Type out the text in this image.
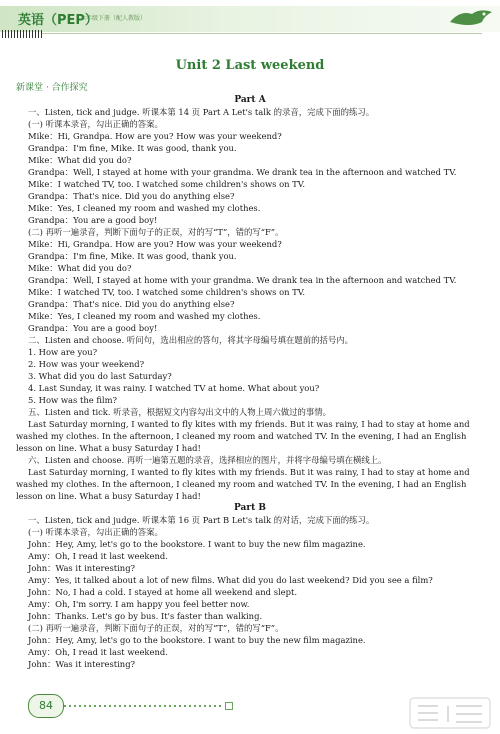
英语（PEP）
六年级下册（配人教版）
Unit 2 Last weekend
新课堂 · 合作探究
Part A
一、Listen, tick and judge. 听课本第 14 页 Part A Let's talk 的录音，完成下面的练习。
(一) 听课本录音，勾出正确的答案。
Mike：Hi, Grandpa. How are you? How was your weekend?
Grandpa：I'm fine, Mike. It was good, thank you.
Mike：What did you do?
Grandpa：Well, I stayed at home with your grandma. We drank tea in the afternoon and watched TV.
Mike：I watched TV, too. I watched some children's shows on TV.
Grandpa：That's nice. Did you do anything else?
Mike：Yes, I cleaned my room and washed my clothes.
Grandpa：You are a good boy!
(二) 再听一遍录音，判断下面句子的正误，对的写“T”，错的写“F”。
Mike：Hi, Grandpa. How are you? How was your weekend?
Grandpa：I'm fine, Mike. It was good, thank you.
Mike：What did you do?
Grandpa：Well, I stayed at home with your grandma. We drank tea in the afternoon and watched TV.
Mike：I watched TV, too. I watched some children's shows on TV.
Grandpa：That's nice. Did you do anything else?
Mike：Yes, I cleaned my room and washed my clothes.
Grandpa：You are a good boy!
二、Listen and choose. 听问句，选出相应的答句，将其字母编号填在题前的括号内。
1. How are you?
2. How was your weekend?
3. What did you do last Saturday?
4. Last Sunday, it was rainy. I watched TV at home. What about you?
5. How was the film?
五、Listen and tick. 听录音，根据短文内容勾出文中的人物上周六做过的事情。
Last Saturday morning, I wanted to fly kites with my friends. But it was rainy, I had to stay at home and
washed my clothes. In the afternoon, I cleaned my room and watched TV. In the evening, I had an English
lesson on line. What a busy Saturday I had!
六、Listen and choose. 再听一遍第五题的录音，选择相应的图片，并将字母编号填在横线上。
Last Saturday morning, I wanted to fly kites with my friends. But it was rainy, I had to stay at home and
washed my clothes. In the afternoon, I cleaned my room and watched TV. In the evening, I had an English
lesson on line. What a busy Saturday I had!
Part B
一、Listen, tick and judge. 听课本第 16 页 Part B Let's talk 的对话，完成下面的练习。
(一) 听课本录音，勾出正确的答案。
John：Hey, Amy, let's go to the bookstore. I want to buy the new film magazine.
Amy：Oh, I read it last weekend.
John：Was it interesting?
Amy：Yes, it talked about a lot of new films. What did you do last weekend? Did you see a film?
John：No, I had a cold. I stayed at home all weekend and slept.
Amy：Oh, I'm sorry. I am happy you feel better now.
John：Thanks. Let's go by bus. It's faster than walking.
(二) 再听一遍录音，判断下面句子的正误，对的写“T”，错的写“F”。
John：Hey, Amy, let's go to the bookstore. I want to buy the new film magazine.
Amy：Oh, I read it last weekend.
John：Was it interesting?
84
